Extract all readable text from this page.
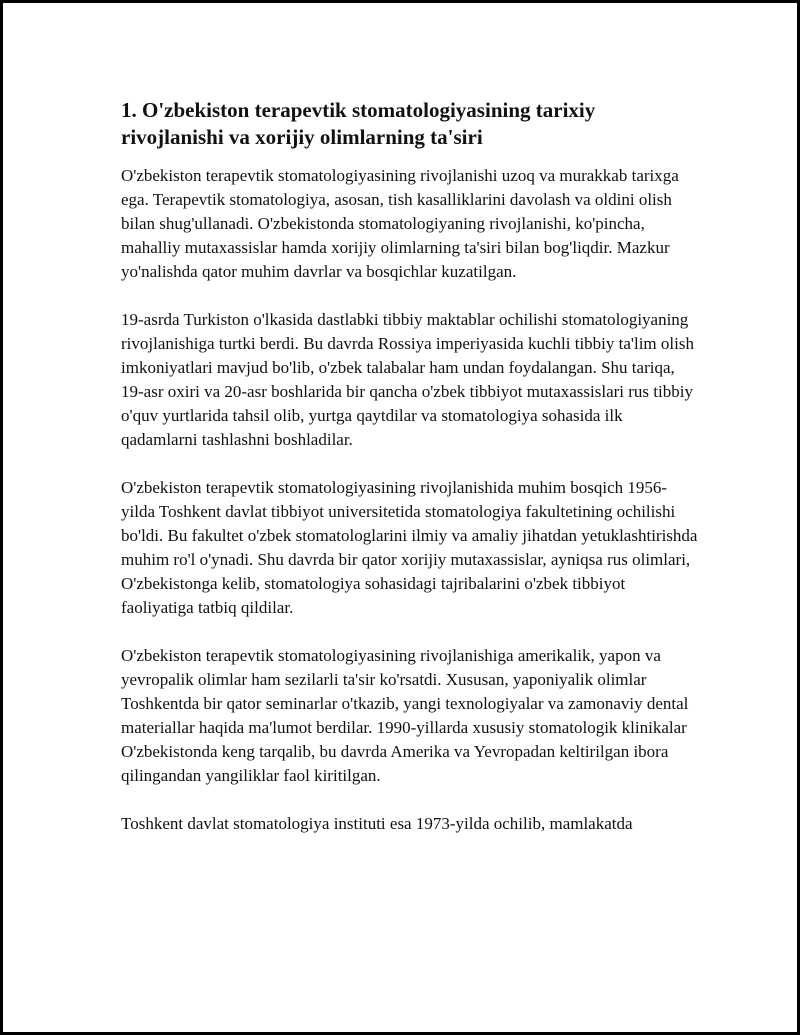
1. O'zbekiston terapevtik stomatologiyasining tarixiy rivojlanishi va xorijiy olimlarning ta'siri

O'zbekiston terapevtik stomatologiyasining rivojlanishi uzoq va murakkab tarixga ega. Terapevtik stomatologiya, asosan, tish kasalliklarini davolash va oldini olish bilan shug'ullanadi. O'zbekistonda stomatologiyaning rivojlanishi, ko'pincha, mahalliy mutaxassislar hamda xorijiy olimlarning ta'siri bilan bog'liqdir. Mazkur yo'nalishda qator muhim davrlar va bosqichlar kuzatilgan.

19-asrda Turkiston o'lkasida dastlabki tibbiy maktablar ochilishi stomatologiyaning rivojlanishiga turtki berdi. Bu davrda Rossiya imperiyasida kuchli tibbiy ta'lim olish imkoniyatlari mavjud bo'lib, o'zbek talabalar ham undan foydalangan. Shu tariqa, 19-asr oxiri va 20-asr boshlarida bir qancha o'zbek tibbiyot mutaxassislari rus tibbiy o'quv yurtlarida tahsil olib, yurtga qaytdilar va stomatologiya sohasida ilk qadamlarni tashlashni boshladilar.

O'zbekiston terapevtik stomatologiyasining rivojlanishida muhim bosqich 1956-yilda Toshkent davlat tibbiyot universitetida stomatologiya fakultetining ochilishi bo'ldi. Bu fakultet o'zbek stomatologlarini ilmiy va amaliy jihatdan yetuklashtirishda muhim ro'l o'ynadi. Shu davrda bir qator xorijiy mutaxassislar, ayniqsa rus olimlari, O'zbekistonga kelib, stomatologiya sohasidagi tajribalarini o'zbek tibbiyot faoliyatiga tatbiq qildilar.

O'zbekiston terapevtik stomatologiyasining rivojlanishiga amerikalik, yapon va yevropalik olimlar ham sezilarli ta'sir ko'rsatdi. Xususan, yaponiyalik olimlar Toshkentda bir qator seminarlar o'tkazib, yangi texnologiyalar va zamonaviy dental materiallar haqida ma'lumot berdilar. 1990-yillarda xususiy stomatologik klinikalar O'zbekistonda keng tarqalib, bu davrda Amerika va Yevropadan keltirilgan ibora qilingandan yangiliklar faol kiritilgan.

Toshkent davlat stomatologiya instituti esa 1973-yilda ochilib, mamlakatda
